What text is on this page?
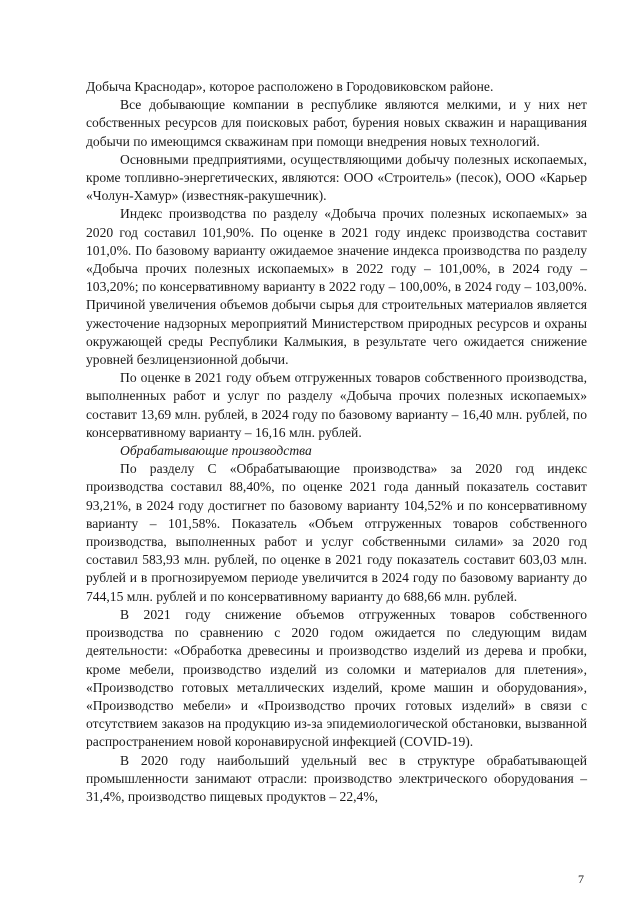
Добыча Краснодар», которое расположено в Городовиковском районе.

Все добывающие компании в республике являются мелкими, и у них нет собственных ресурсов для поисковых работ, бурения новых скважин и наращивания добычи по имеющимся скважинам при помощи внедрения новых технологий.

Основными предприятиями, осуществляющими добычу полезных ископаемых, кроме топливно-энергетических, являются: ООО «Строитель» (песок), ООО «Карьер «Чолун-Хамур» (известняк-ракушечник).

Индекс производства по разделу «Добыча прочих полезных ископаемых» за 2020 год составил 101,90%. По оценке в 2021 году индекс производства составит 101,0%. По базовому варианту ожидаемое значение индекса производства по разделу «Добыча прочих полезных ископаемых» в 2022 году – 101,00%, в 2024 году – 103,20%; по консервативному варианту в 2022 году – 100,00%, в 2024 году – 103,00%. Причиной увеличения объемов добычи сырья для строительных материалов является ужесточение надзорных мероприятий Министерством природных ресурсов и охраны окружающей среды Республики Калмыкия, в результате чего ожидается снижение уровней безлицензионной добычи.

По оценке в 2021 году объем отгруженных товаров собственного производства, выполненных работ и услуг по разделу «Добыча прочих полезных ископаемых» составит 13,69 млн. рублей, в 2024 году по базовому варианту – 16,40 млн. рублей, по консервативному варианту – 16,16 млн. рублей.

Обрабатывающие производства

По разделу С «Обрабатывающие производства» за 2020 год индекс производства составил 88,40%, по оценке 2021 года данный показатель составит 93,21%, в 2024 году достигнет по базовому варианту 104,52% и по консервативному варианту – 101,58%. Показатель «Объем отгруженных товаров собственного производства, выполненных работ и услуг собственными силами» за 2020 год составил 583,93 млн. рублей, по оценке в 2021 году показатель составит 603,03 млн. рублей и в прогнозируемом периоде увеличится в 2024 году по базовому варианту до 744,15 млн. рублей и по консервативному варианту до 688,66 млн. рублей.

В 2021 году снижение объемов отгруженных товаров собственного производства по сравнению с 2020 годом ожидается по следующим видам деятельности: «Обработка древесины и производство изделий из дерева и пробки, кроме мебели, производство изделий из соломки и материалов для плетения», «Производство готовых металлических изделий, кроме машин и оборудования», «Производство мебели» и «Производство прочих готовых изделий» в связи с отсутствием заказов на продукцию из-за эпидемиологической обстановки, вызванной распространением новой коронавирусной инфекцией (COVID-19).

В 2020 году наибольший удельный вес в структуре обрабатывающей промышленности занимают отрасли: производство электрического оборудования – 31,4%, производство пищевых продуктов – 22,4%,

7
